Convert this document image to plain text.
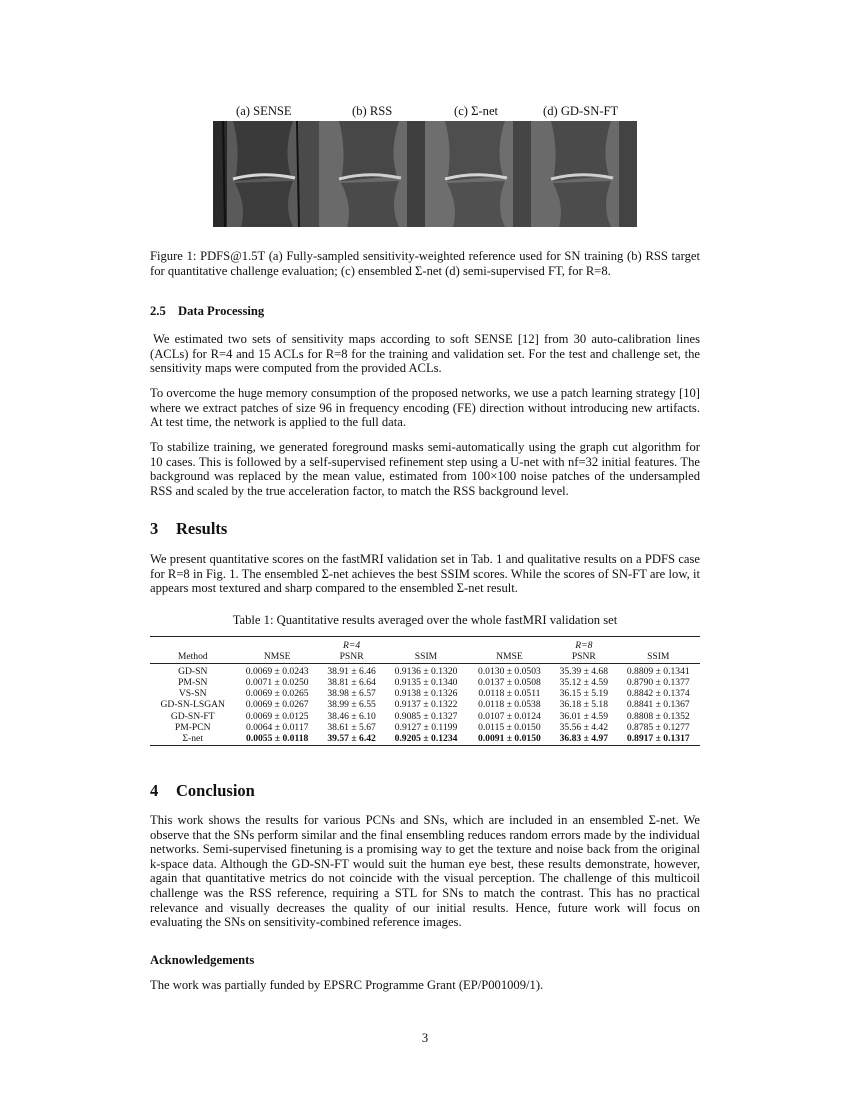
(a) SENSE	(b) RSS	(c) Σ-net	(d) GD-SN-FT
Figure 1: PDFS@1.5T (a) Fully-sampled sensitivity-weighted reference used for SN training (b) RSS target for quantitative challenge evaluation; (c) ensembled Σ-net (d) semi-supervised FT, for R=8.
2.5 Data Processing
We estimated two sets of sensitivity maps according to soft SENSE [12] from 30 auto-calibration lines (ACLs) for R=4 and 15 ACLs for R=8 for the training and validation set. For the test and challenge set, the sensitivity maps were computed from the provided ACLs.
To overcome the huge memory consumption of the proposed networks, we use a patch learning strategy [10] where we extract patches of size 96 in frequency encoding (FE) direction without introducing new artifacts. At test time, the network is applied to the full data.
To stabilize training, we generated foreground masks semi-automatically using the graph cut algorithm for 10 cases. This is followed by a self-supervised refinement step using a U-net with nf=32 initial features. The background was replaced by the mean value, estimated from 100×100 noise patches of the undersampled RSS and scaled by the true acceleration factor, to match the RSS background level.
3 Results
We present quantitative scores on the fastMRI validation set in Tab. 1 and qualitative results on a PDFS case for R=8 in Fig. 1. The ensembled Σ-net achieves the best SSIM scores. While the scores of SN-FT are low, it appears most textured and sharp compared to the ensembled Σ-net result.
Table 1: Quantitative results averaged over the whole fastMRI validation set
		R=4			R=8	
Method	NMSE	PSNR	SSIM	NMSE	PSNR	SSIM
GD-SN	0.0069 ± 0.0243	38.91 ± 6.46	0.9136 ± 0.1320	0.0130 ± 0.0503	35.39 ± 4.68	0.8809 ± 0.1341
PM-SN	0.0071 ± 0.0250	38.81 ± 6.64	0.9135 ± 0.1340	0.0137 ± 0.0508	35.12 ± 4.59	0.8790 ± 0.1377
VS-SN	0.0069 ± 0.0265	38.98 ± 6.57	0.9138 ± 0.1326	0.0118 ± 0.0511	36.15 ± 5.19	0.8842 ± 0.1374
GD-SN-LSGAN	0.0069 ± 0.0267	38.99 ± 6.55	0.9137 ± 0.1322	0.0118 ± 0.0538	36.18 ± 5.18	0.8841 ± 0.1367
GD-SN-FT	0.0069 ± 0.0125	38.46 ± 6.10	0.9085 ± 0.1327	0.0107 ± 0.0124	36.01 ± 4.59	0.8808 ± 0.1352
PM-PCN	0.0064 ± 0.0117	38.61 ± 5.67	0.9127 ± 0.1199	0.0115 ± 0.0150	35.56 ± 4.42	0.8785 ± 0.1277
Σ-net	0.0055 ± 0.0118	39.57 ± 6.42	0.9205 ± 0.1234	0.0091 ± 0.0150	36.83 ± 4.97	0.8917 ± 0.1317
4 Conclusion
This work shows the results for various PCNs and SNs, which are included in an ensembled Σ-net. We observe that the SNs perform similar and the final ensembling reduces random errors made by the individual networks. Semi-supervised finetuning is a promising way to get the texture and noise back from the original k-space data. Although the GD-SN-FT would suit the human eye best, these results demonstrate, however, again that quantitative metrics do not coincide with the visual perception. The challenge of this multicoil challenge was the RSS reference, requiring a STL for SNs to match the contrast. This has no practical relevance and visually decreases the quality of our initial results. Hence, future work will focus on evaluating the SNs on sensitivity-combined reference images.
Acknowledgements
The work was partially funded by EPSRC Programme Grant (EP/P001009/1).
3
